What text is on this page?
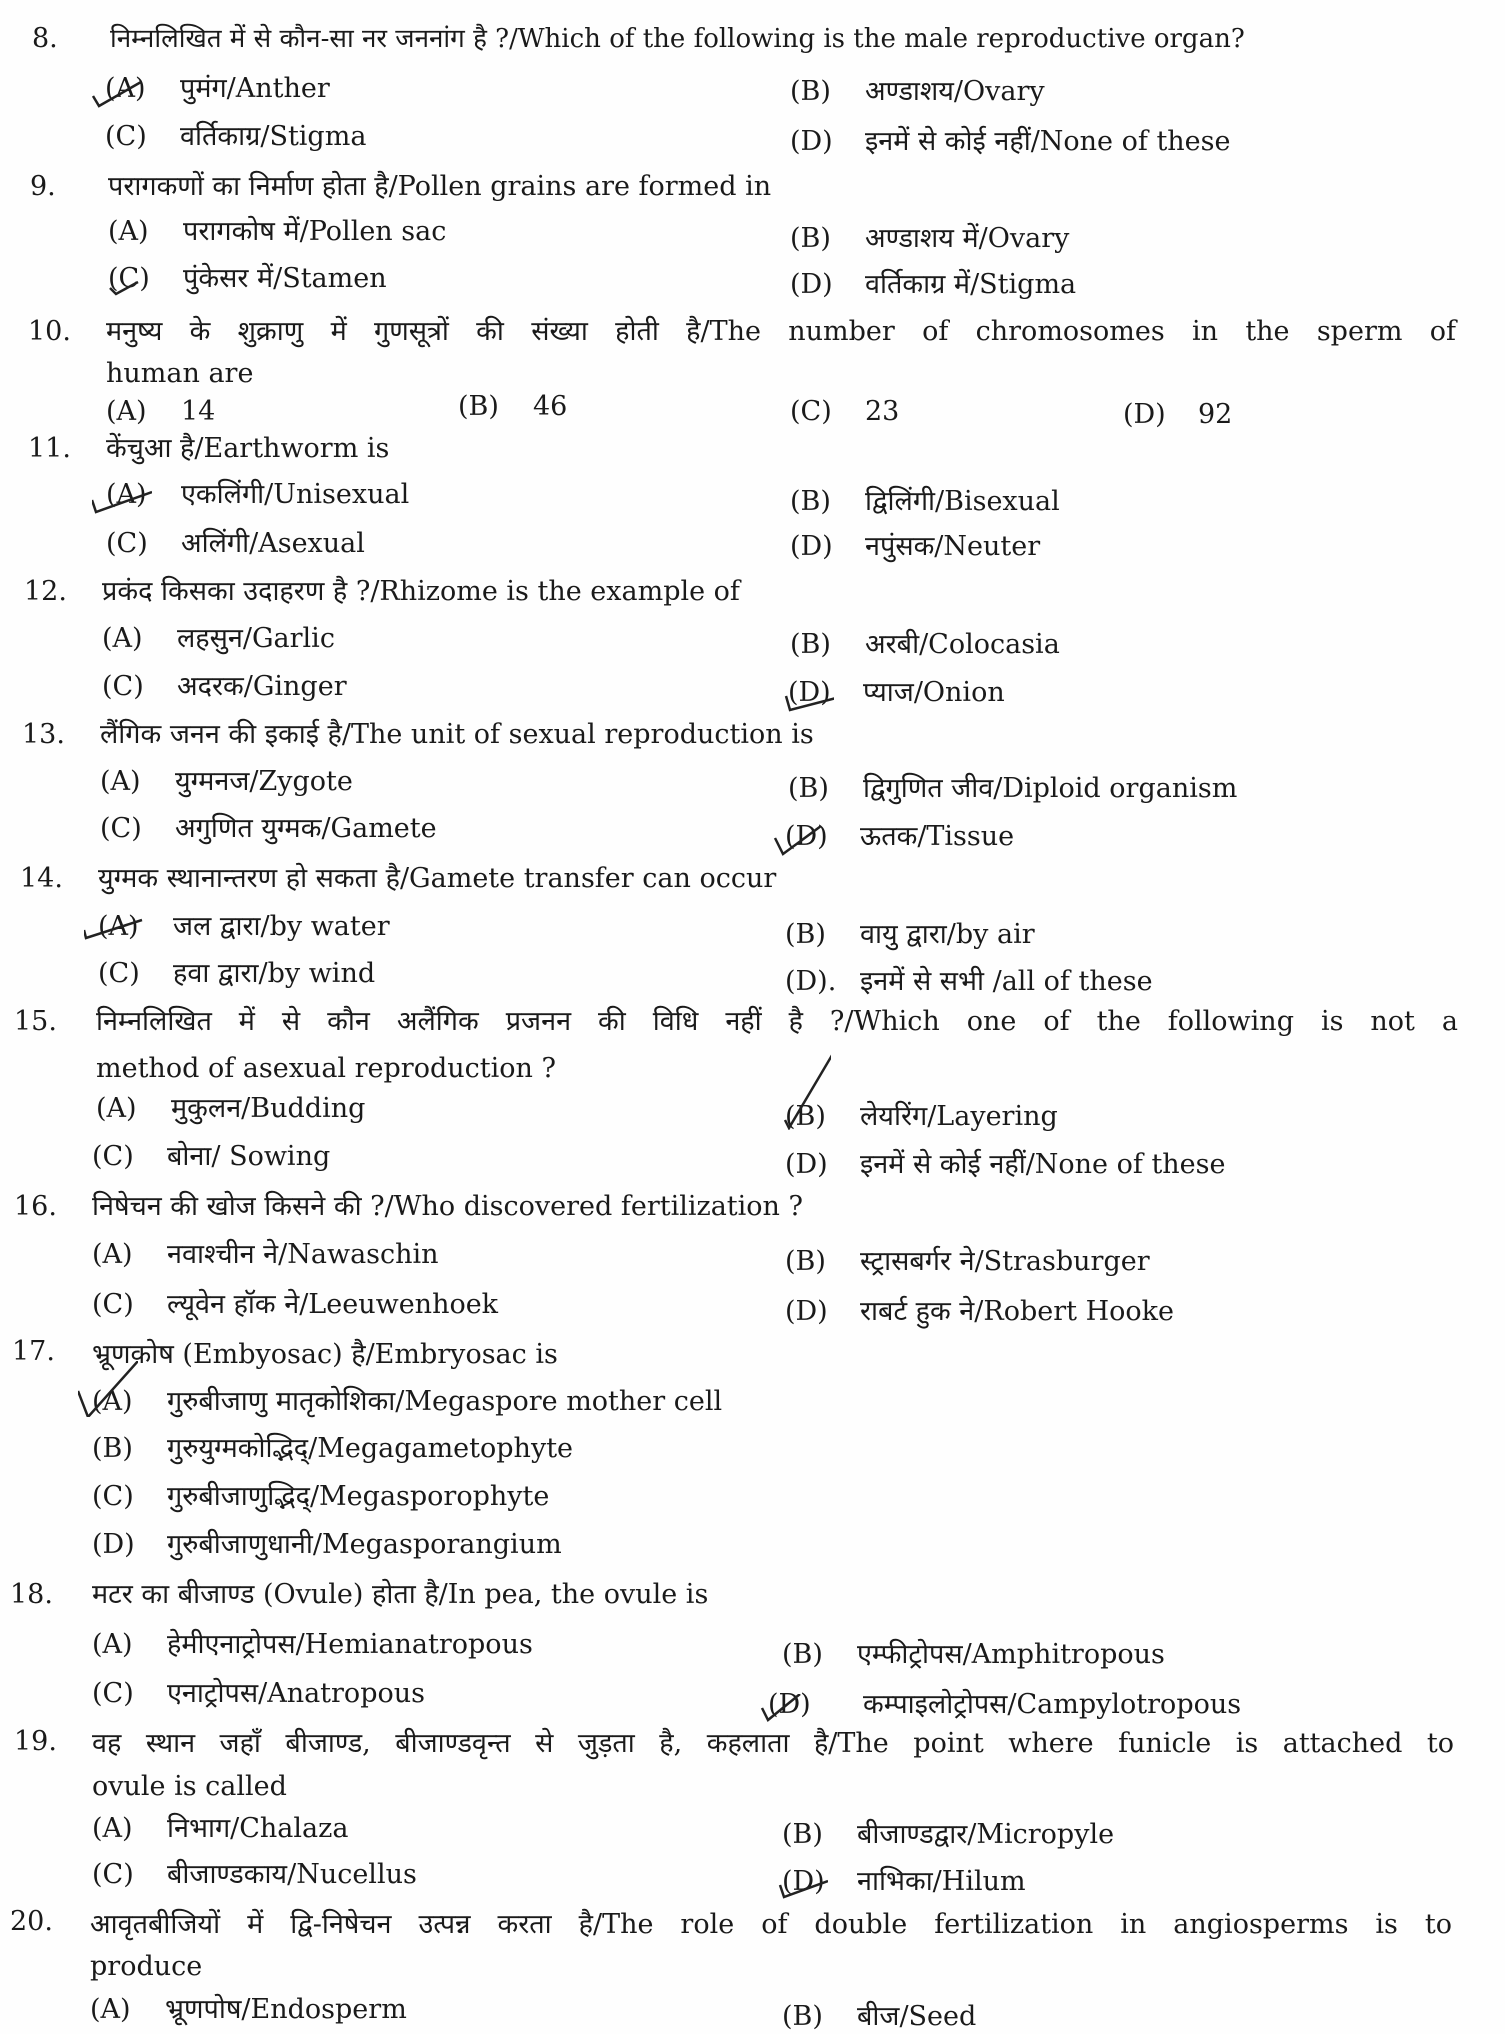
8. निम्नलिखित में से कौन-सा नर जननांग है ?/Which of the following is the male reproductive organ?
(A) पुमंग/Anther	(B) अण्डाशय/Ovary
(C) वर्तिकाग्र/Stigma	(D) इनमें से कोई नहीं/None of these
9. परागकणों का निर्माण होता है/Pollen grains are formed in
(A) परागकोष में/Pollen sac	(B) अण्डाशय में/Ovary
(C) पुंकेसर में/Stamen	(D) वर्तिकाग्र में/Stigma
10. मनुष्य के शुक्राणु में गुणसूत्रों की संख्या होती है/The number of chromosomes in the sperm of
human are
(A) 14	(B) 46	(C) 23	(D) 92
11. केंचुआ है/Earthworm is
(A) एकलिंगी/Unisexual	(B) द्विलिंगी/Bisexual
(C) अलिंगी/Asexual	(D) नपुंसक/Neuter
12. प्रकंद किसका उदाहरण है ?/Rhizome is the example of
(A) लहसुन/Garlic	(B) अरबी/Colocasia
(C) अदरक/Ginger	(D) प्याज/Onion
13. लैंगिक जनन की इकाई है/The unit of sexual reproduction is
(A) युग्मनज/Zygote	(B) द्विगुणित जीव/Diploid organism
(C) अगुणित युग्मक/Gamete	(D) ऊतक/Tissue
14. युग्मक स्थानान्तरण हो सकता है/Gamete transfer can occur
(A) जल द्वारा/by water	(B) वायु द्वारा/by air
(C) हवा द्वारा/by wind	(D). इनमें से सभी /all of these
15. निम्नलिखित में से कौन अलैंगिक प्रजनन की विधि नहीं है ?/Which one of the following is not a
method of asexual reproduction ?
(A) मुकुलन/Budding	(B) लेयरिंग/Layering
(C) बोना/ Sowing	(D) इनमें से कोई नहीं/None of these
16. निषेचन की खोज किसने की ?/Who discovered fertilization ?
(A) नवाश्चीन ने/Nawaschin	(B) स्ट्रासबर्गर ने/Strasburger
(C) ल्यूवेन हॉक ने/Leeuwenhoek	(D) राबर्ट हुक ने/Robert Hooke
17. भ्रूणकोष (Embyosac) है/Embryosac is
(A) गुरुबीजाणु मातृकोशिका/Megaspore mother cell
(B) गुरुयुग्मकोद्भिद्/Megagametophyte
(C) गुरुबीजाणुद्भिद्/Megasporophyte
(D) गुरुबीजाणुधानी/Megasporangium
18. मटर का बीजाण्ड (Ovule) होता है/In pea, the ovule is
(A) हेमीएनाट्रोपस/Hemianatropous	(B) एम्फीट्रोपस/Amphitropous
(C) एनाट्रोपस/Anatropous	(D) कम्पाइलोट्रोपस/Campylotropous
19. वह स्थान जहाँ बीजाण्ड, बीजाण्डवृन्त से जुड़ता है, कहलाता है/The point where funicle is attached to
ovule is called
(A) निभाग/Chalaza	(B) बीजाण्डद्वार/Micropyle
(C) बीजाण्डकाय/Nucellus	(D) नाभिका/Hilum
20. आवृतबीजियों में द्वि-निषेचन उत्पन्न करता है/The role of double fertilization in angiosperms is to
produce
(A) भ्रूणपोष/Endosperm	(B) बीज/Seed
